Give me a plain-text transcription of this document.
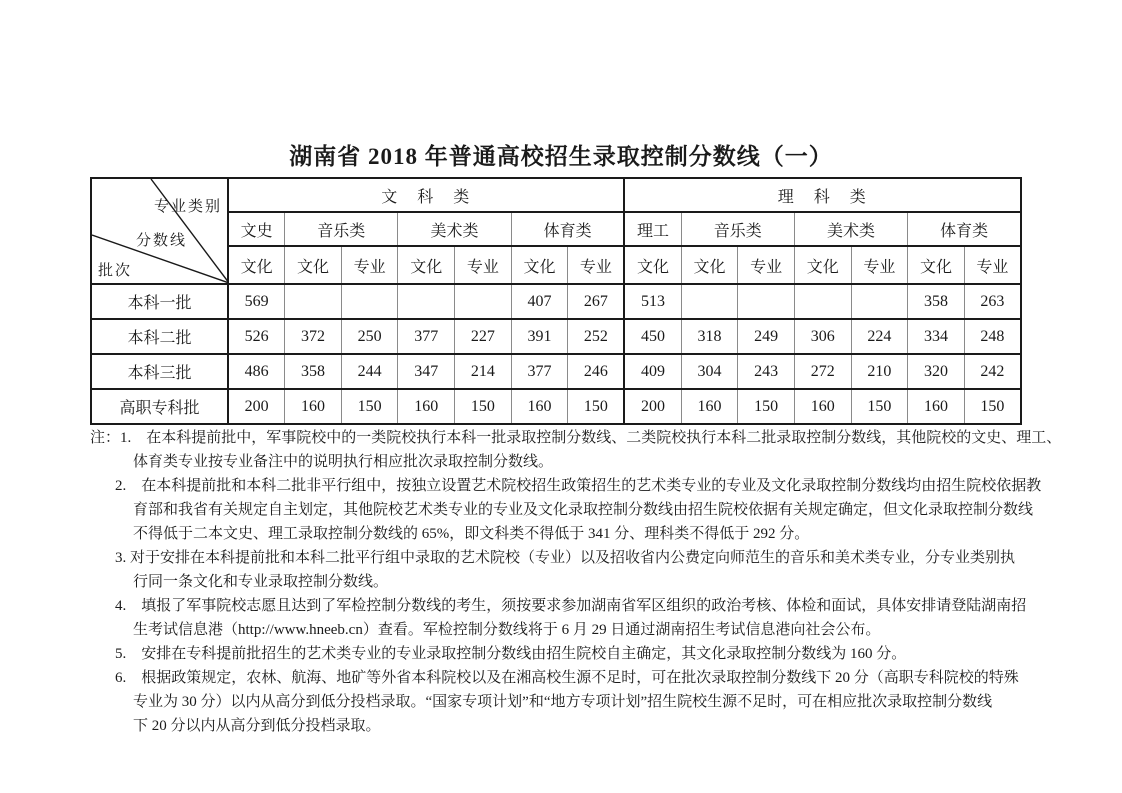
湖南省 2018 年普通高校招生录取控制分数线（一）
专业类别
分数线
批次	文　科　类							理　科　类						
	文史	音乐类		美术类		体育类		理工	音乐类		美术类		体育类	
	文化	文化	专业	文化	专业	文化	专业	文化	文化	专业	文化	专业	文化	专业
本科一批	569					407	267	513					358	263
本科二批	526	372	250	377	227	391	252	450	318	249	306	224	334	248
本科三批	486	358	244	347	214	377	246	409	304	243	272	210	320	242
高职专科批	200	160	150	160	150	160	150	200	160	150	160	150	160	150
注：1.　在本科提前批中，军事院校中的一类院校执行本科一批录取控制分数线、二类院校执行本科二批录取控制分数线，其他院校的文史、理工、
体育类专业按专业备注中的说明执行相应批次录取控制分数线。
2.　在本科提前批和本科二批非平行组中，按独立设置艺术院校招生政策招生的艺术类专业的专业及文化录取控制分数线均由招生院校依据教
育部和我省有关规定自主划定，其他院校艺术类专业的专业及文化录取控制分数线由招生院校依据有关规定确定，但文化录取控制分数线
不得低于二本文史、理工录取控制分数线的 65%，即文科类不得低于 341 分、理科类不得低于 292 分。
3. 对于安排在本科提前批和本科二批平行组中录取的艺术院校（专业）以及招收省内公费定向师范生的音乐和美术类专业，分专业类别执
行同一条文化和专业录取控制分数线。
4.　填报了军事院校志愿且达到了军检控制分数线的考生，须按要求参加湖南省军区组织的政治考核、体检和面试，具体安排请登陆湖南招
生考试信息港（http://www.hneeb.cn）查看。军检控制分数线将于 6 月 29 日通过湖南招生考试信息港向社会公布。
5.　安排在专科提前批招生的艺术类专业的专业录取控制分数线由招生院校自主确定，其文化录取控制分数线为 160 分。
6.　根据政策规定，农林、航海、地矿等外省本科院校以及在湘高校生源不足时，可在批次录取控制分数线下 20 分（高职专科院校的特殊
专业为 30 分）以内从高分到低分投档录取。“国家专项计划”和“地方专项计划”招生院校生源不足时，可在相应批次录取控制分数线
下 20 分以内从高分到低分投档录取。
